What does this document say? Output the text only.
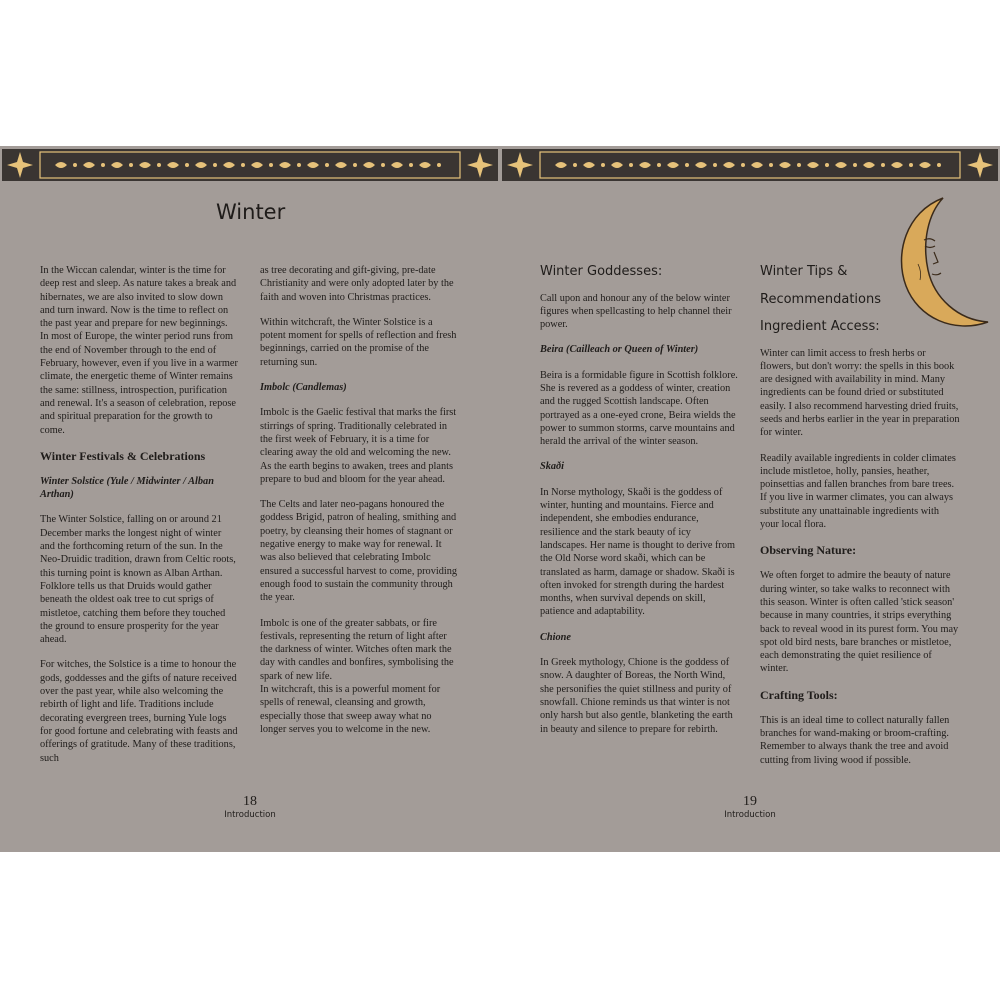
Winter

In the Wiccan calendar, winter is the time for deep rest and sleep. As nature takes a break and hibernates, we are also invited to slow down and turn inward. Now is the time to reflect on the past year and prepare for new beginnings. In most of Europe, the winter period runs from the end of November through to the end of February, however, even if you live in a warmer climate, the energetic theme of Winter remains the same: stillness, introspection, purification and renewal. It's a season of celebration, repose and spiritual preparation for the growth to come.

Winter Festivals & Celebrations

Winter Solstice (Yule / Midwinter / Alban Arthan)

The Winter Solstice, falling on or around 21 December marks the longest night of winter and the forthcoming return of the sun. In the Neo-Druidic tradition, drawn from Celtic roots, this turning point is known as Alban Arthan. Folklore tells us that Druids would gather beneath the oldest oak tree to cut sprigs of mistletoe, catching them before they touched the ground to ensure prosperity for the year ahead.

For witches, the Solstice is a time to honour the gods, goddesses and the gifts of nature received over the past year, while also welcoming the rebirth of light and life. Traditions include decorating evergreen trees, burning Yule logs for good fortune and celebrating with feasts and offerings of gratitude. Many of these traditions, such

as tree decorating and gift-giving, pre-date Christianity and were only adopted later by the faith and woven into Christmas practices.

Within witchcraft, the Winter Solstice is a potent moment for spells of reflection and fresh beginnings, carried on the promise of the returning sun.

Imbolc (Candlemas)

Imbolc is the Gaelic festival that marks the first stirrings of spring. Traditionally celebrated in the first week of February, it is a time for clearing away the old and welcoming the new. As the earth begins to awaken, trees and plants prepare to bud and bloom for the year ahead.

The Celts and later neo-pagans honoured the goddess Brigid, patron of healing, smithing and poetry, by cleansing their homes of stagnant or negative energy to make way for renewal. It was also believed that celebrating Imbolc ensured a successful harvest to come, providing enough food to sustain the community through the year.

Imbolc is one of the greater sabbats, or fire festivals, representing the return of light after the darkness of winter. Witches often mark the day with candles and bonfires, symbolising the spark of new life.

In witchcraft, this is a powerful moment for spells of renewal, cleansing and growth, especially those that sweep away what no longer serves you to welcome in the new.

18
Introduction

Winter Goddesses:

Call upon and honour any of the below winter figures when spellcasting to help channel their power.

Beira (Cailleach or Queen of Winter)

Beira is a formidable figure in Scottish folklore. She is revered as a goddess of winter, creation and the rugged Scottish landscape. Often portrayed as a one-eyed crone, Beira wields the power to summon storms, carve mountains and herald the arrival of the winter season.

Skaði

In Norse mythology, Skaði is the goddess of winter, hunting and mountains. Fierce and independent, she embodies endurance, resilience and the stark beauty of icy landscapes. Her name is thought to derive from the Old Norse word skaði, which can be translated as harm, damage or shadow. Skaði is often invoked for strength during the hardest months, when survival depends on skill, patience and adaptability.

Chione

In Greek mythology, Chione is the goddess of snow. A daughter of Boreas, the North Wind, she personifies the quiet stillness and purity of snowfall. Chione reminds us that winter is not only harsh but also gentle, blanketing the earth in beauty and silence to prepare for rebirth.

Winter Tips &

Recommendations

Ingredient Access:

Winter can limit access to fresh herbs or flowers, but don't worry: the spells in this book are designed with availability in mind. Many ingredients can be found dried or substituted easily. I also recommend harvesting dried fruits, seeds and herbs earlier in the year in preparation for winter.

Readily available ingredients in colder climates include mistletoe, holly, pansies, heather, poinsettias and fallen branches from bare trees. If you live in warmer climates, you can always substitute any unattainable ingredients with your local flora.

Observing Nature:

We often forget to admire the beauty of nature during winter, so take walks to reconnect with this season. Winter is often called 'stick season' because in many countries, it strips everything back to reveal wood in its purest form. You may spot old bird nests, bare branches or mistletoe, each demonstrating the quiet resilience of winter.

Crafting Tools:

This is an ideal time to collect naturally fallen branches for wand-making or broom-crafting. Remember to always thank the tree and avoid cutting from living wood if possible.

19
Introduction
